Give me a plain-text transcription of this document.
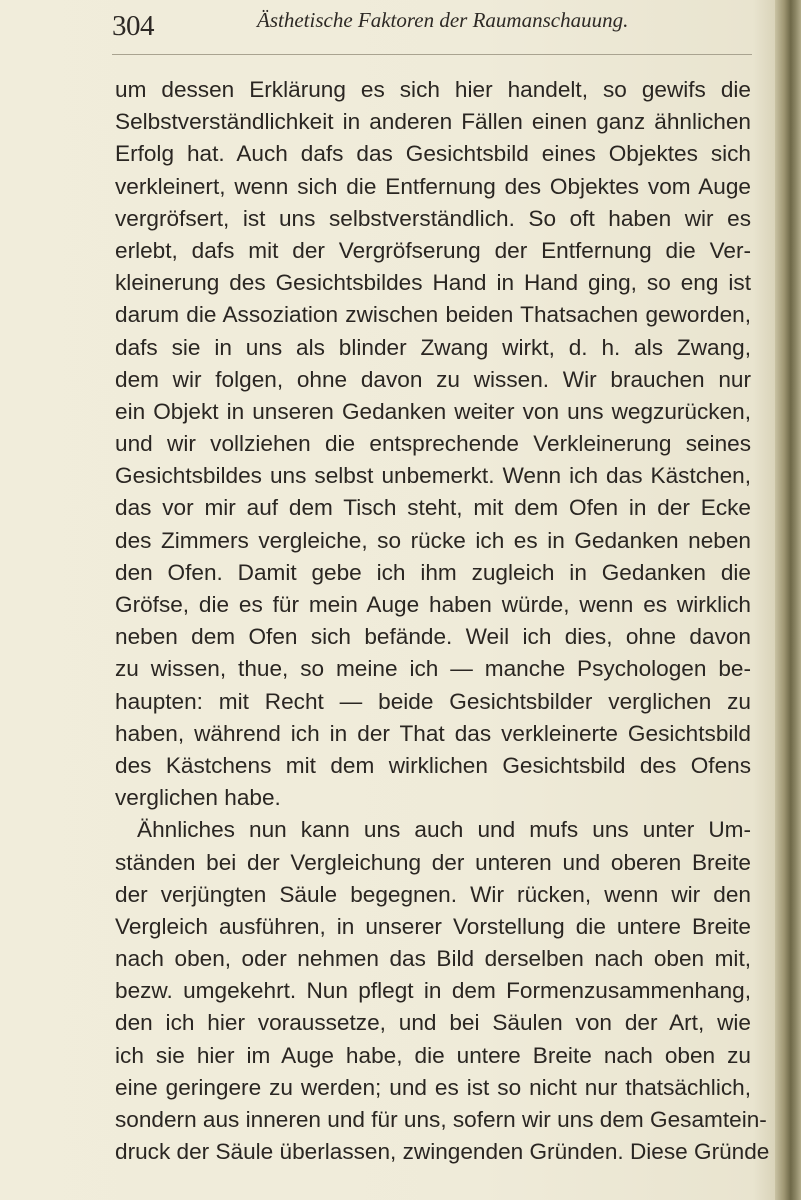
304	Ästhetische Faktoren der Raumanschauung.
um dessen Erklärung es sich hier handelt, so gewifs die
Selbstverständlichkeit in anderen Fällen einen ganz ähnlichen
Erfolg hat. Auch dafs das Gesichtsbild eines Objektes sich
verkleinert, wenn sich die Entfernung des Objektes vom Auge
vergröfsert, ist uns selbstverständlich. So oft haben wir es
erlebt, dafs mit der Vergröfserung der Entfernung die Ver-
kleinerung des Gesichtsbildes Hand in Hand ging, so eng ist
darum die Assoziation zwischen beiden Thatsachen geworden,
dafs sie in uns als blinder Zwang wirkt, d. h. als Zwang,
dem wir folgen, ohne davon zu wissen. Wir brauchen nur
ein Objekt in unseren Gedanken weiter von uns wegzurücken,
und wir vollziehen die entsprechende Verkleinerung seines
Gesichtsbildes uns selbst unbemerkt. Wenn ich das Kästchen,
das vor mir auf dem Tisch steht, mit dem Ofen in der Ecke
des Zimmers vergleiche, so rücke ich es in Gedanken neben
den Ofen. Damit gebe ich ihm zugleich in Gedanken die
Gröfse, die es für mein Auge haben würde, wenn es wirklich
neben dem Ofen sich befände. Weil ich dies, ohne davon
zu wissen, thue, so meine ich — manche Psychologen be-
haupten: mit Recht — beide Gesichtsbilder verglichen zu
haben, während ich in der That das verkleinerte Gesichtsbild
des Kästchens mit dem wirklichen Gesichtsbild des Ofens
verglichen habe.
Ähnliches nun kann uns auch und mufs uns unter Um-
ständen bei der Vergleichung der unteren und oberen Breite
der verjüngten Säule begegnen. Wir rücken, wenn wir den
Vergleich ausführen, in unserer Vorstellung die untere Breite
nach oben, oder nehmen das Bild derselben nach oben mit,
bezw. umgekehrt. Nun pflegt in dem Formenzusammenhang,
den ich hier voraussetze, und bei Säulen von der Art, wie
ich sie hier im Auge habe, die untere Breite nach oben zu
eine geringere zu werden; und es ist so nicht nur thatsächlich,
sondern aus inneren und für uns, sofern wir uns dem Gesamtein-
druck der Säule überlassen, zwingenden Gründen. Diese Gründe
